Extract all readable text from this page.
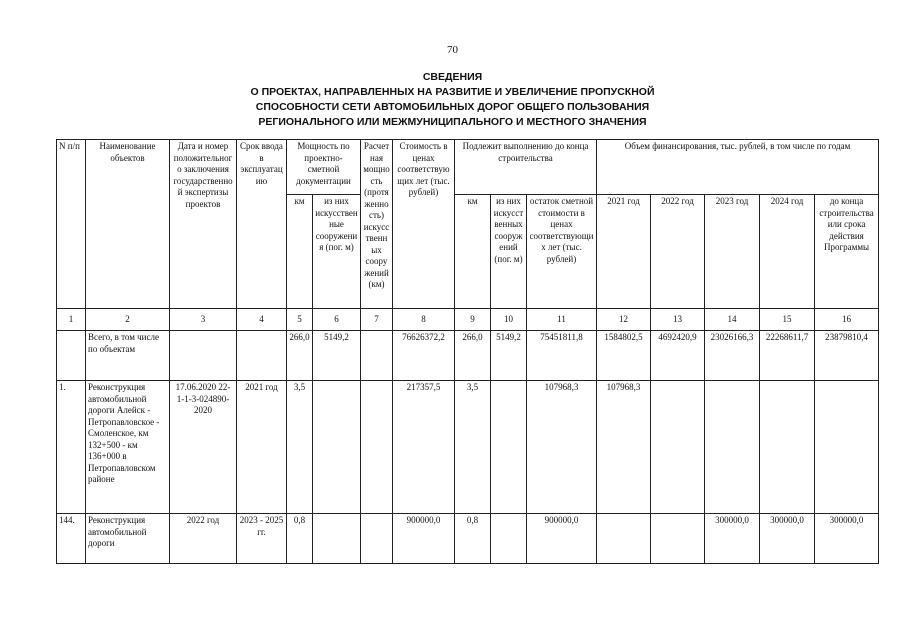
70
СВЕДЕНИЯ
О ПРОЕКТАХ, НАПРАВЛЕННЫХ НА РАЗВИТИЕ И УВЕЛИЧЕНИЕ ПРОПУСКНОЙ
СПОСОБНОСТИ СЕТИ АВТОМОБИЛЬНЫХ ДОРОГ ОБЩЕГО ПОЛЬЗОВАНИЯ
РЕГИОНАЛЬНОГО ИЛИ МЕЖМУНИЦИПАЛЬНОГО И МЕСТНОГО ЗНАЧЕНИЯ
N п/п	Наименование объектов	Дата и номер положительного заключения государственной экспертизы проектов	Срок ввода в эксплуатацию	Мощность по проектно-сметной документации		Расчетная мощность (протяженность) искусственных сооружений (км)	Стоимость в ценах соответствующих лет (тыс. рублей)	Подлежит выполнению до конца строительства			Объем финансирования, тыс. рублей, в том числе по годам				
				км	из них искусственные сооружения (пог. м)			км	из них искусственных сооружений (пог. м)	остаток сметной стоимости в ценах соответствующих лет (тыс. рублей)	2021 год	2022 год	2023 год	2024 год	до конца строительства или срока действия Программы
1	2	3	4	5	6	7	8	9	10	11	12	13	14	15	16
	Всего, в том числе по объектам			266,0	5149,2		76626372,2	266,0	5149,2	75451811,8	1584802,5	4692420,9	23026166,3	22268611,7	23879810,4
1.	Реконструкция автомобильной дороги Алейск - Петропавловское - Смоленское, км 132+500 - км 136+000 в Петропавловском районе	17.06.2020 22-1-1-3-024890-2020	2021 год	3,5			217357,5	3,5		107968,3	107968,3				
144.	Реконструкция автомобильной дороги	2022 год	2023 - 2025 гг.	0,8			900000,0	0,8		900000,0			300000,0	300000,0	300000,0
